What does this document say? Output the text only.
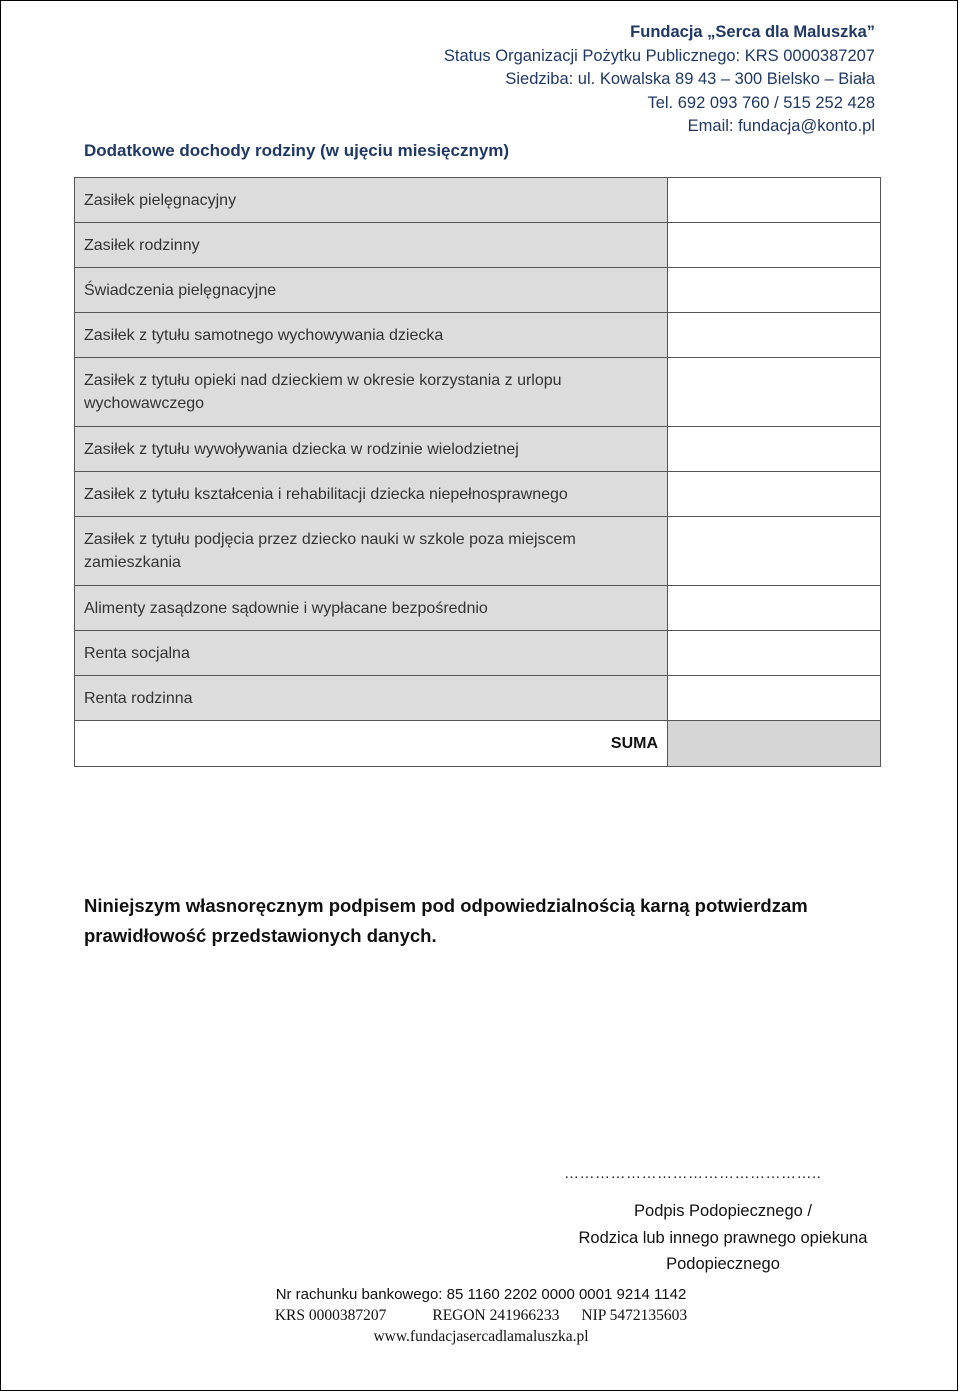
Fundacja „Serca dla Maluszka”
Status Organizacji Pożytku Publicznego: KRS 0000387207
Siedziba: ul. Kowalska 89 43 – 300 Bielsko – Biała
Tel. 692 093 760 / 515 252 428
Email: fundacja@konto.pl
Dodatkowe dochody rodziny (w ujęciu miesięcznym)
Zasiłek pielęgnacyjny	
Zasiłek rodzinny	
Świadczenia pielęgnacyjne	
Zasiłek z tytułu samotnego wychowywania dziecka	
Zasiłek z tytułu opieki nad dzieckiem w okresie korzystania z urlopu wychowawczego	
Zasiłek z tytułu wywoływania dziecka w rodzinie wielodzietnej	
Zasiłek z tytułu kształcenia i rehabilitacji dziecka niepełnosprawnego	
Zasiłek z tytułu podjęcia przez dziecko nauki w szkole poza miejscem zamieszkania	
Alimenty zasądzone sądownie i wypłacane bezpośrednio	
Renta socjalna	
Renta rodzinna	
SUMA	
Niniejszym własnoręcznym podpisem pod odpowiedzialnością karną potwierdzam prawidłowość przedstawionych danych.
…………………………………………..
Podpis Podopiecznego /
Rodzica lub innego prawnego opiekuna
Podopiecznego
Nr rachunku bankowego: 85 1160 2202 0000 0001 9214 1142
KRS 0000387207	REGON 241966233 NIP 5472135603
www.fundacjasercadlamaluszka.pl
